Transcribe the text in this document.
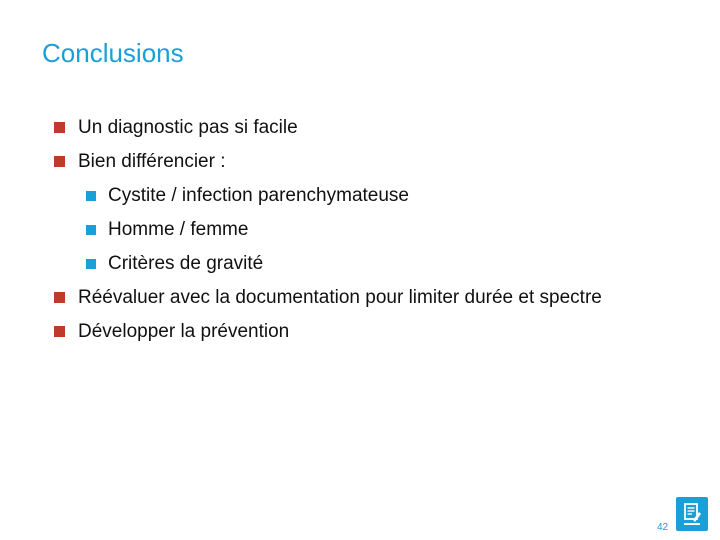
Conclusions
Un diagnostic pas si facile
Bien différencier :
Cystite / infection parenchymateuse
Homme / femme
Critères de gravité
Réévaluer avec la documentation pour limiter durée et spectre
Développer la prévention
42
